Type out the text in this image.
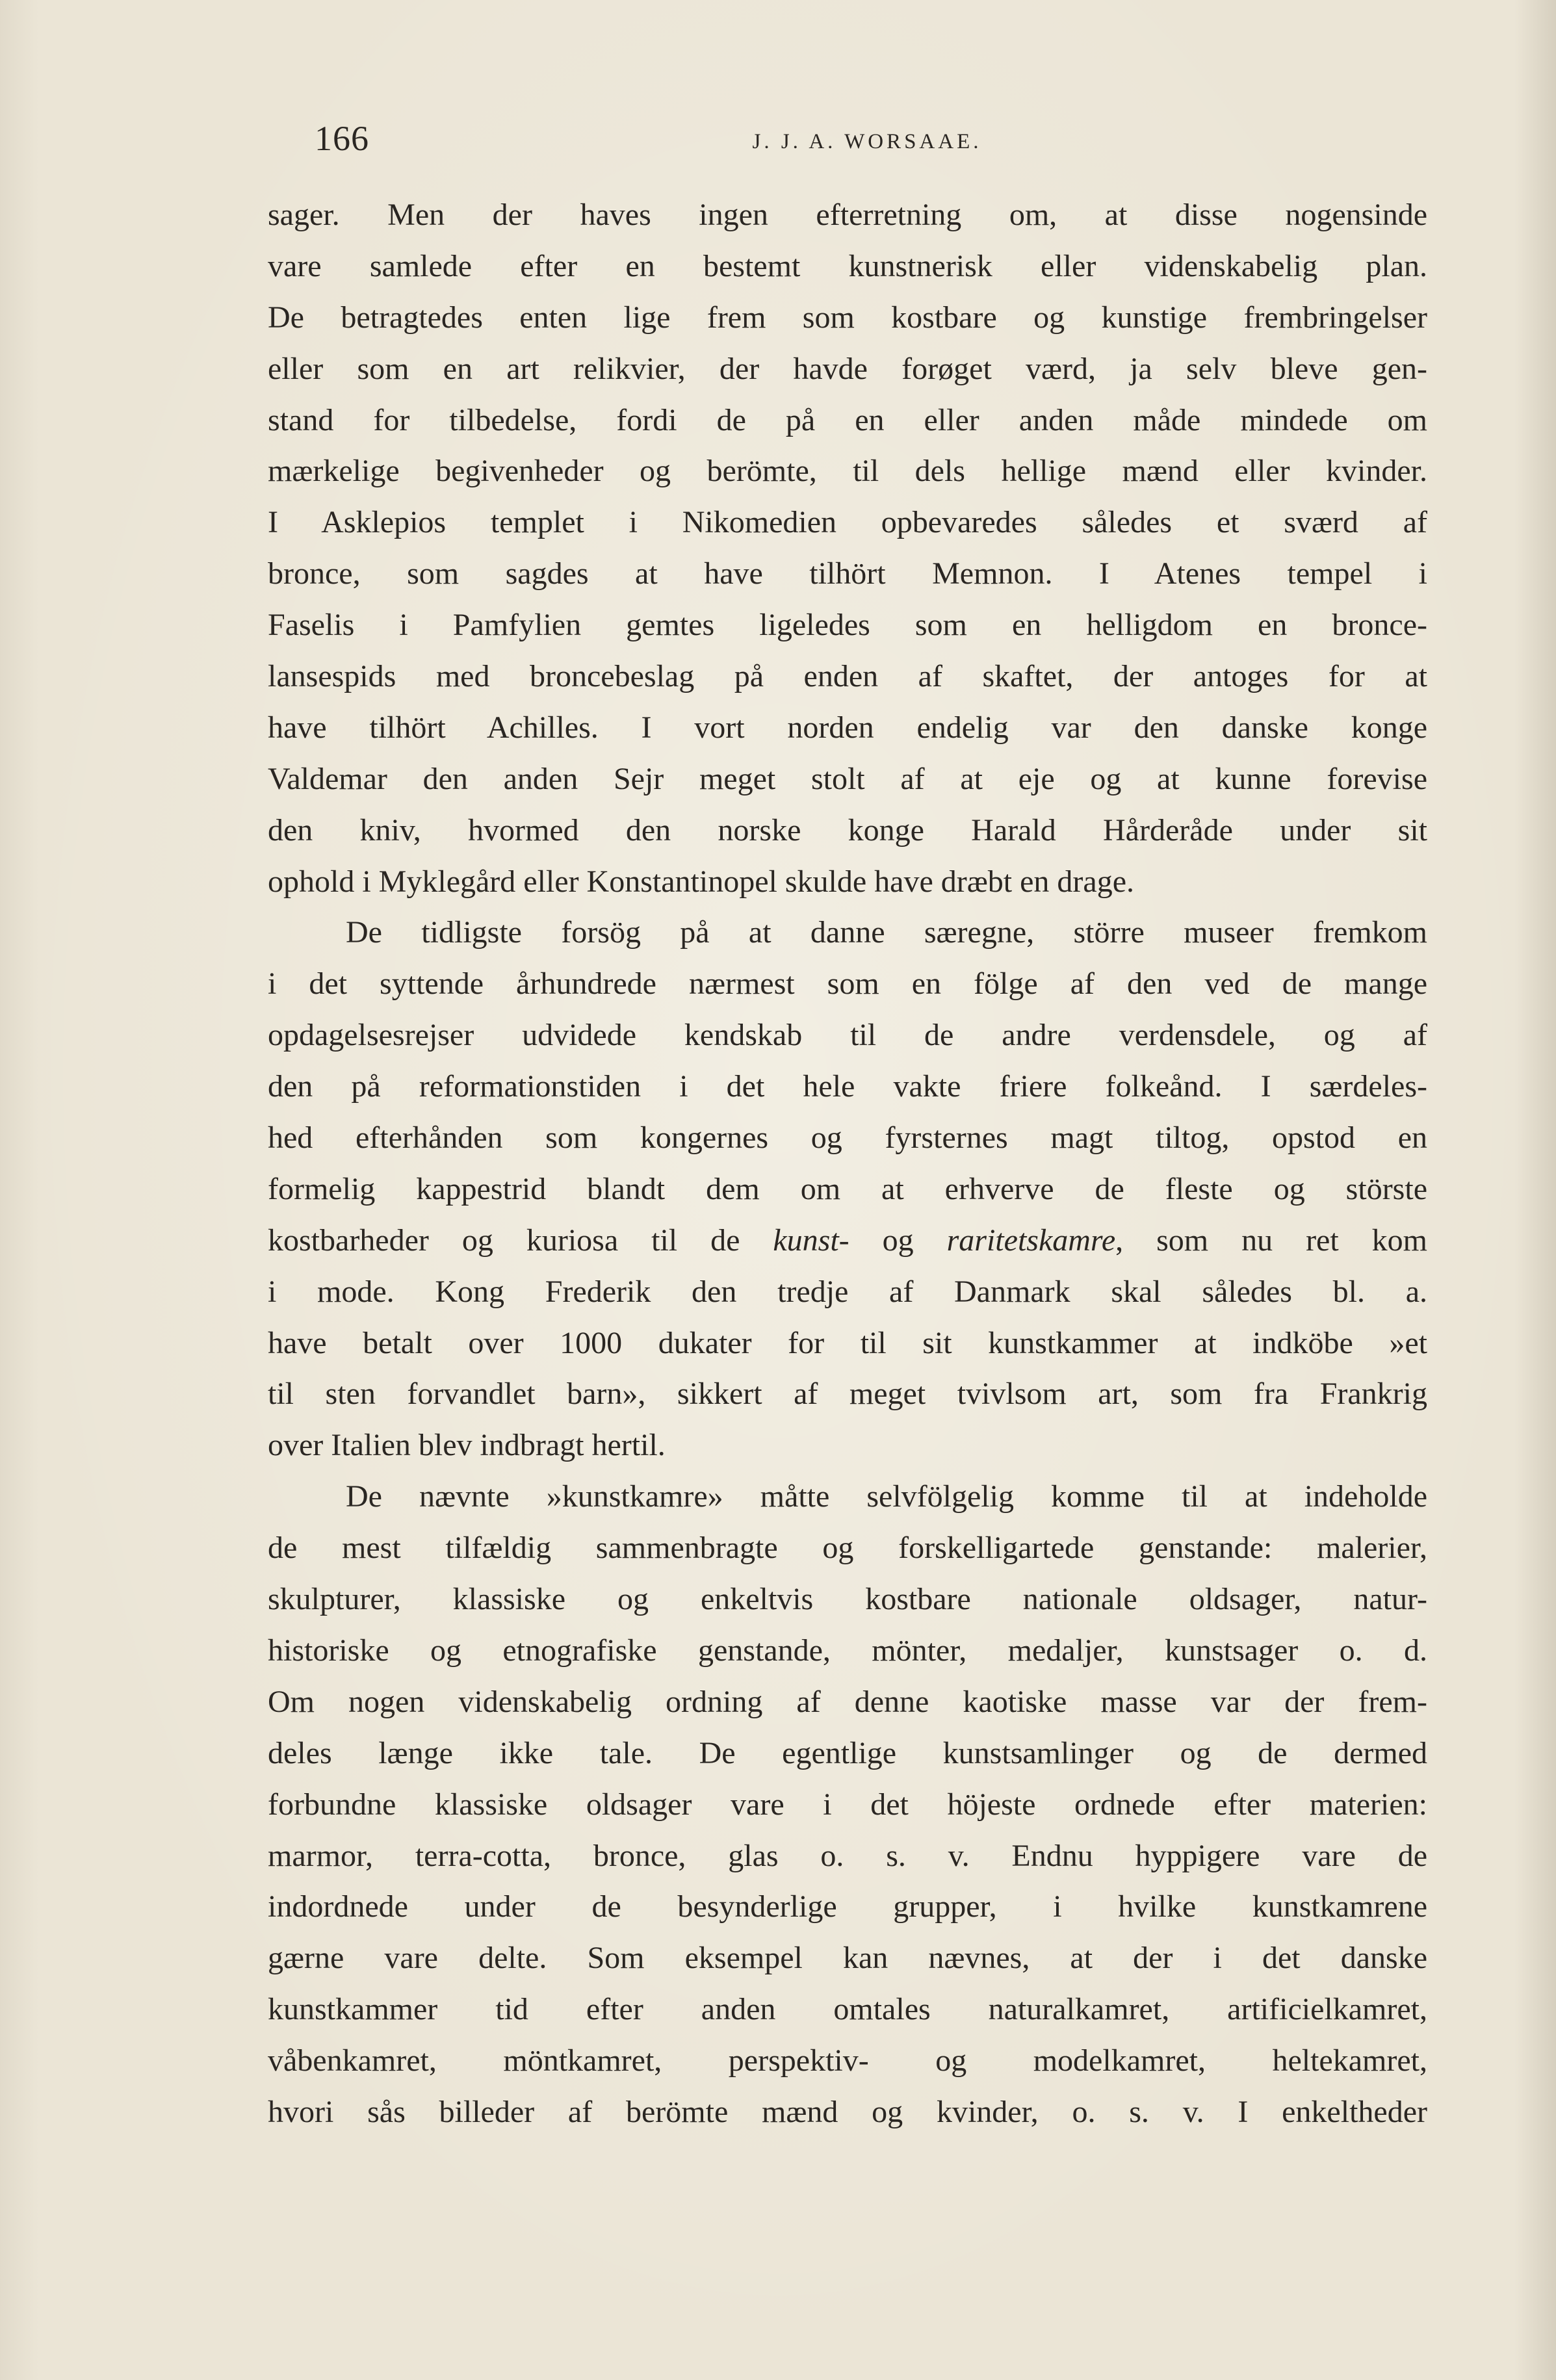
166	J. J. A. WORSAAE.
sager. Men der haves ingen efterretning om, at disse nogensinde
vare samlede efter en bestemt kunstnerisk eller videnskabelig plan.
De betragtedes enten lige frem som kostbare og kunstige frembringelser
eller som en art relikvier, der havde forøget værd, ja selv bleve gen-
stand for tilbedelse, fordi de på en eller anden måde mindede om
mærkelige begivenheder og berömte, til dels hellige mænd eller kvinder.
I Asklepios templet i Nikomedien opbevaredes således et sværd af
bronce, som sagdes at have tilhört Memnon. I Atenes tempel i
Faselis i Pamfylien gemtes ligeledes som en helligdom en bronce-
lansespids med broncebeslag på enden af skaftet, der antoges for at
have tilhört Achilles. I vort norden endelig var den danske konge
Valdemar den anden Sejr meget stolt af at eje og at kunne forevise
den kniv, hvormed den norske konge Harald Hårderåde under sit
ophold i Myklegård eller Konstantinopel skulde have dræbt en drage.
De tidligste forsög på at danne særegne, större museer fremkom
i det syttende århundrede nærmest som en fölge af den ved de mange
opdagelsesrejser udvidede kendskab til de andre verdensdele, og af
den på reformationstiden i det hele vakte friere folkeånd. I særdeles-
hed efterhånden som kongernes og fyrsternes magt tiltog, opstod en
formelig kappestrid blandt dem om at erhverve de fleste og störste
kostbarheder og kuriosa til de kunst- og raritetskamre, som nu ret kom
i mode. Kong Frederik den tredje af Danmark skal således bl. a.
have betalt over 1000 dukater for til sit kunstkammer at indköbe »et
til sten forvandlet barn», sikkert af meget tvivlsom art, som fra Frankrig
over Italien blev indbragt hertil.
De nævnte »kunstkamre» måtte selvfölgelig komme til at indeholde
de mest tilfældig sammenbragte og forskelligartede genstande: malerier,
skulpturer, klassiske og enkeltvis kostbare nationale oldsager, natur-
historiske og etnografiske genstande, mönter, medaljer, kunstsager o. d.
Om nogen videnskabelig ordning af denne kaotiske masse var der frem-
deles længe ikke tale. De egentlige kunstsamlinger og de dermed
forbundne klassiske oldsager vare i det höjeste ordnede efter materien:
marmor, terra-cotta, bronce, glas o. s. v. Endnu hyppigere vare de
indordnede under de besynderlige grupper, i hvilke kunstkamrene
gærne vare delte. Som eksempel kan nævnes, at der i det danske
kunstkammer tid efter anden omtales naturalkamret, artificielkamret,
våbenkamret, möntkamret, perspektiv- og modelkamret, heltekamret,
hvori sås billeder af berömte mænd og kvinder, o. s. v. I enkeltheder
